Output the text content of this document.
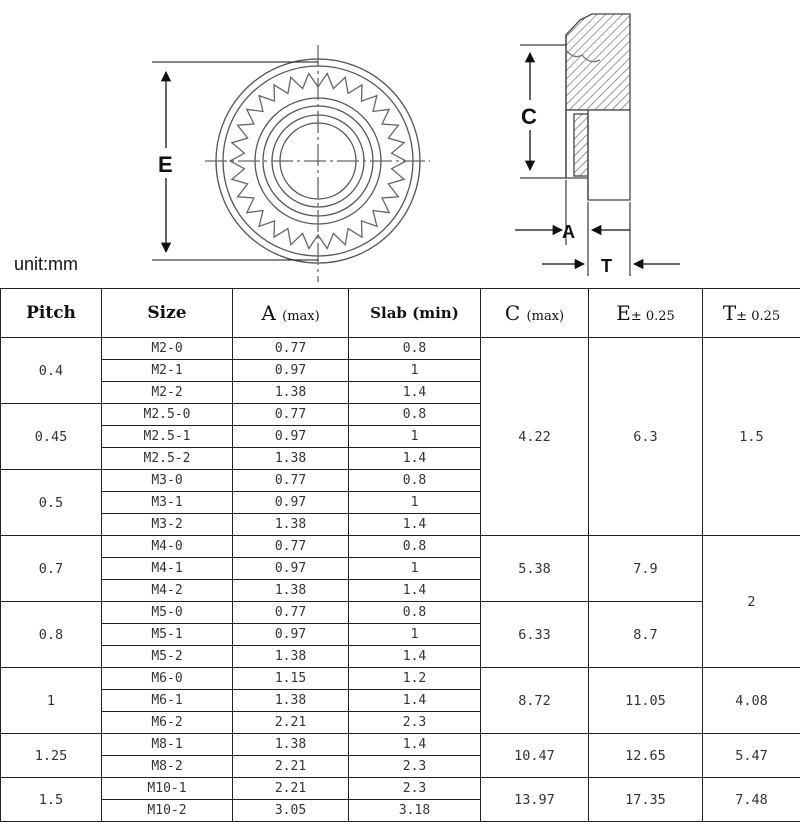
E
C
A
T
unit:mm
Pitch	Size	A (max)	Slab (min)	C (max)	E± 0.25	T± 0.25
0.4	M2-0	0.77	0.8	4.22	6.3	1.5
	M2-1	0.97	1			
	M2-2	1.38	1.4			
0.45	M2.5-0	0.77	0.8			
	M2.5-1	0.97	1			
	M2.5-2	1.38	1.4			
0.5	M3-0	0.77	0.8			
	M3-1	0.97	1			
	M3-2	1.38	1.4			
0.7	M4-0	0.77	0.8	5.38	7.9	2
	M4-1	0.97	1			
	M4-2	1.38	1.4			
0.8	M5-0	0.77	0.8	6.33	8.7	
	M5-1	0.97	1			
	M5-2	1.38	1.4			
1	M6-0	1.15	1.2	8.72	11.05	4.08
	M6-1	1.38	1.4			
	M6-2	2.21	2.3			
1.25	M8-1	1.38	1.4	10.47	12.65	5.47
	M8-2	2.21	2.3			
1.5	M10-1	2.21	2.3	13.97	17.35	7.48
	M10-2	3.05	3.18			
